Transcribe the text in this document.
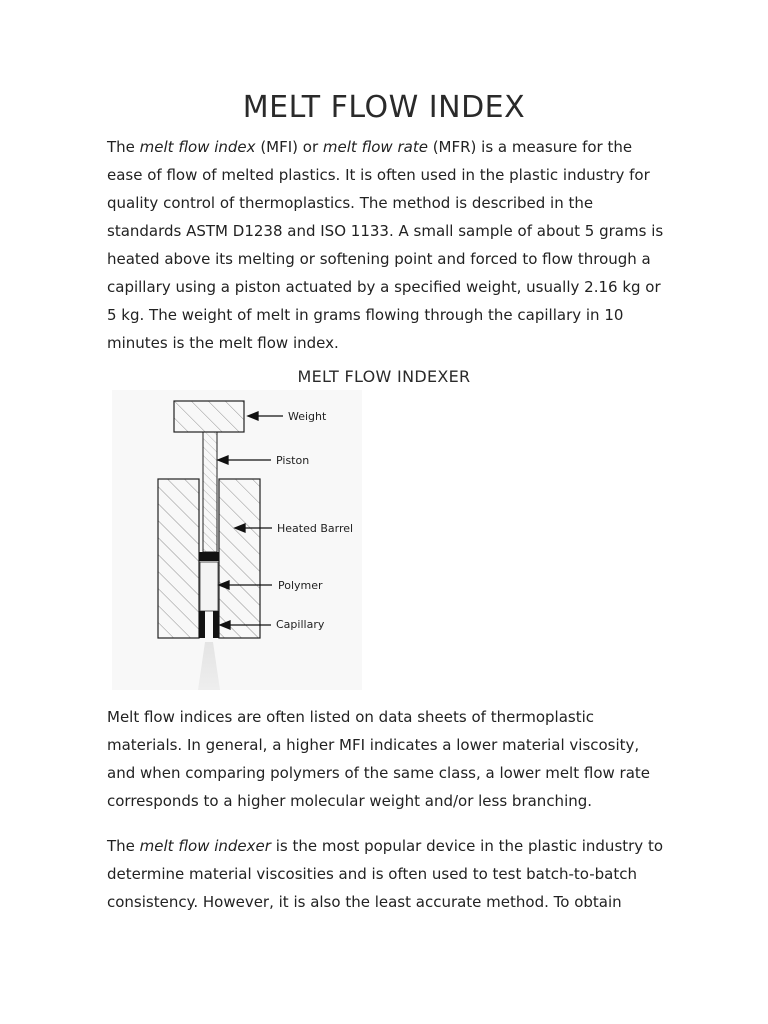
MELT FLOW INDEX

The melt flow index (MFI) or melt flow rate (MFR) is a measure for the ease of flow of melted plastics. It is often used in the plastic industry for quality control of thermoplastics. The method is described in the standards ASTM D1238 and ISO 1133. A small sample of about 5 grams is heated above its melting or softening point and forced to flow through a capillary using a piston actuated by a specified weight, usually 2.16 kg or 5 kg. The weight of melt in grams flowing through the capillary in 10 minutes is the melt flow index.

MELT FLOW INDEXER
Weight
Piston
Heated Barrel
Polymer
Capillary

Melt flow indices are often listed on data sheets of thermoplastic materials. In general, a higher MFI indicates a lower material viscosity, and when comparing polymers of the same class, a lower melt flow rate corresponds to a higher molecular weight and/or less branching.

The melt flow indexer is the most popular device in the plastic industry to determine material viscosities and is often used to test batch-to-batch consistency. However, it is also the least accurate method. To obtain
